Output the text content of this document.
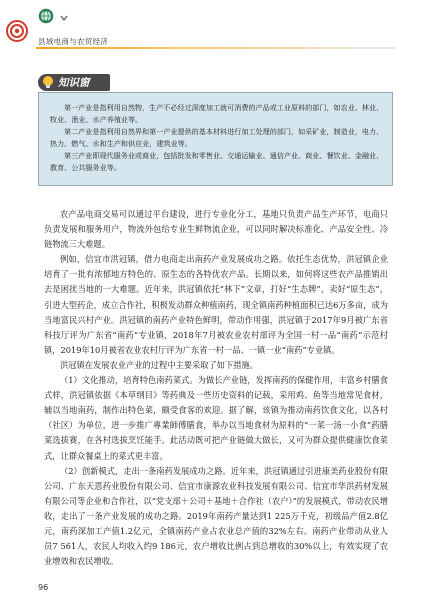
县域电商与农贸经济
知识窗

第一产业是指利用自然物，生产不必经过深度加工就可消费的产品或工业原料的部门，如农业、林业、牧业、渔业、水产养殖业等。

第二产业是指利用自然界和第一产业提供的基本材料进行加工处理的部门，如采矿业，制造业，电力、热力、燃气、水和生产和供应业，建筑业等。

第三产业即现代服务业或商业，包括批发和零售业、交通运输业、通信产业、商业、餐饮业、金融业、教育、公共服务业等。

农产品电商交易可以通过平台建设，进行专业化分工，基地只负责产品生产环节，电商只负责发展和服务用户，物流外包给专业生鲜物流企业，可以同时解决标准化、产品安全性、冷链物流三大难题。

例如，信宜市洪冠镇，借力电商走出南药产业发展成功之路。依托生态优势，洪冠镇企业培育了一批有浓郁地方特色的、原生态的各特优农产品。长期以来，如何将这些农产品推销出去是困扰当地的一大难题。近年来，洪冠镇依托“林下”文章，打好“生态牌”，卖好“原生态”，引进大型药企，成立合作社，积极发动群众种植南药，现全镇南药种植面积已达6万多亩，成为当地富民兴村产业。洪冠镇的南药产业特色鲜明，带动作用强，洪冠镇于2017年9月被广东省科技厅评为广东省“南药”专业镇，2018年7月被农业农村部评为全国一村一品“南药”示范村镇，2019年10月被省农业农村厅评为广东省一村一品、一镇一业“南药”专业镇。

洪冠镇在发展农业产业的过程中主要采取了如下措施。

（1）文化推动，培育特色南药菜式。为做长产业链，发挥南药的保健作用，丰富乡村膳食式样，洪冠镇依据《本草纲目》等药典及一些历史资料的记载，采用鸡、鱼等当地常见食材，辅以当地南药，制作出特色菜，颇受食客的欢迎。据了解，该镇为推动南药饮食文化，以各村（社区）为单位，进一步推广專業師傅膳食，举办以当地食材为原料的“一菜一汤一小食”药膳菜选拔赛，在各村选拔烹饪能手。此活动既可把产业链做大做长，又可为群众提供健康饮食菜式，让群众餐桌上的菜式更丰富。

（2）创新模式，走出一条南药发展成功之路。近年来，洪冠镇通过引进康美药业股份有限公司、广东天恩药业股份有限公司、信宜市康源农业科技发展有限公司、信宜市华洪药材发展有限公司等企业和合作社，以“党支部＋公司＋基地＋合作社（农户）”的发展模式，带动农民增收，走出了一条产业发展的成功之路。2019年南药产量达到1 225万千克，初级品产值2.8亿元，南药深加工产值1.2亿元，全镇南药产业占农业总产值的32%左右。南药产业带动从业人员7 561人，农民人均收入约9 186元，农户增收比例占到总增收的30%以上，有效实现了农业增效和农民增收。

96
